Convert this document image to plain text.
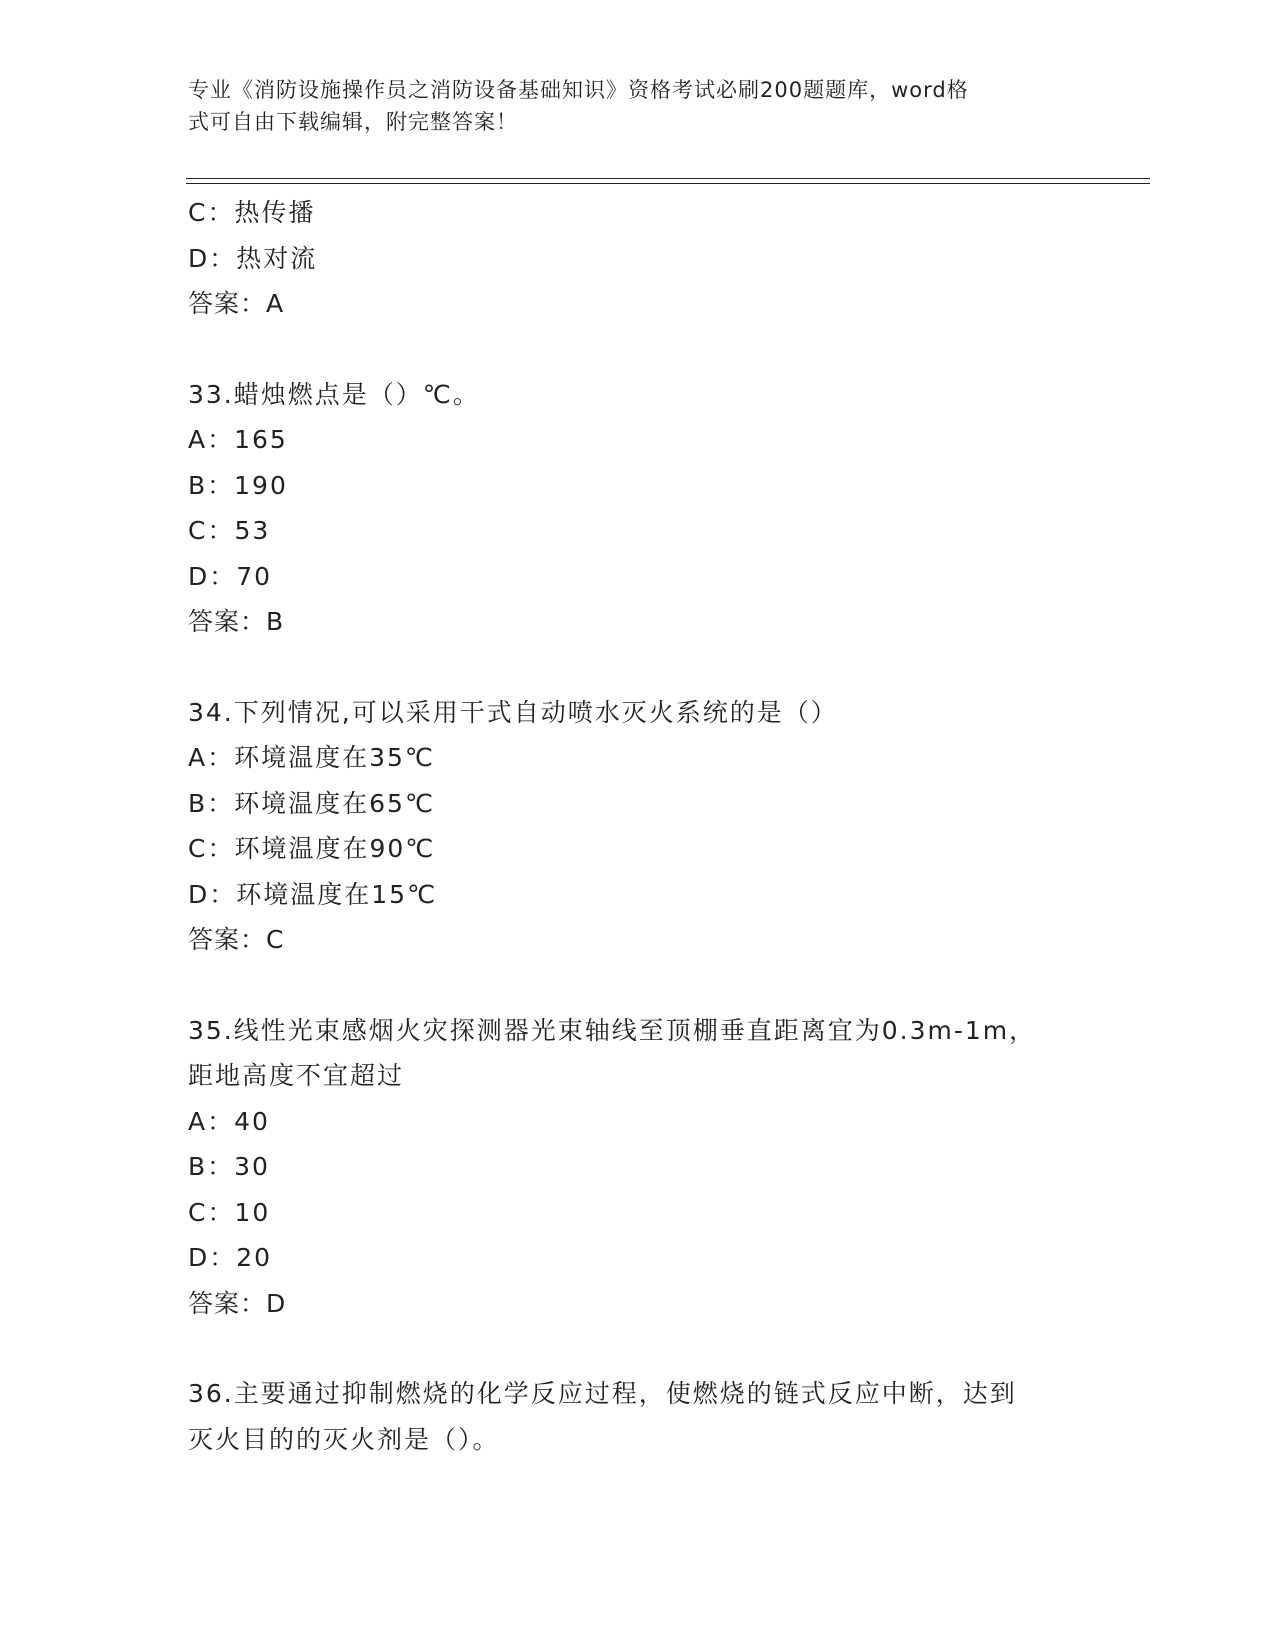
专业《消防设施操作员之消防设备基础知识》资格考试必刷200题题库，word格
式可自由下载编辑，附完整答案！
C：热传播
D：热对流
答案：A
33.蜡烛燃点是（）℃。
A：165
B：190
C：53
D：70
答案：B
34.下列情况,可以采用干式自动喷水灭火系统的是（）
A：环境温度在35℃
B：环境温度在65℃
C：环境温度在90℃
D：环境温度在15℃
答案：C
35.线性光束感烟火灾探测器光束轴线至顶棚垂直距离宜为0.3m-1m，
距地高度不宜超过
A：40
B：30
C：10
D：20
答案：D
36.主要通过抑制燃烧的化学反应过程，使燃烧的链式反应中断，达到
灭火目的的灭火剂是（）。
